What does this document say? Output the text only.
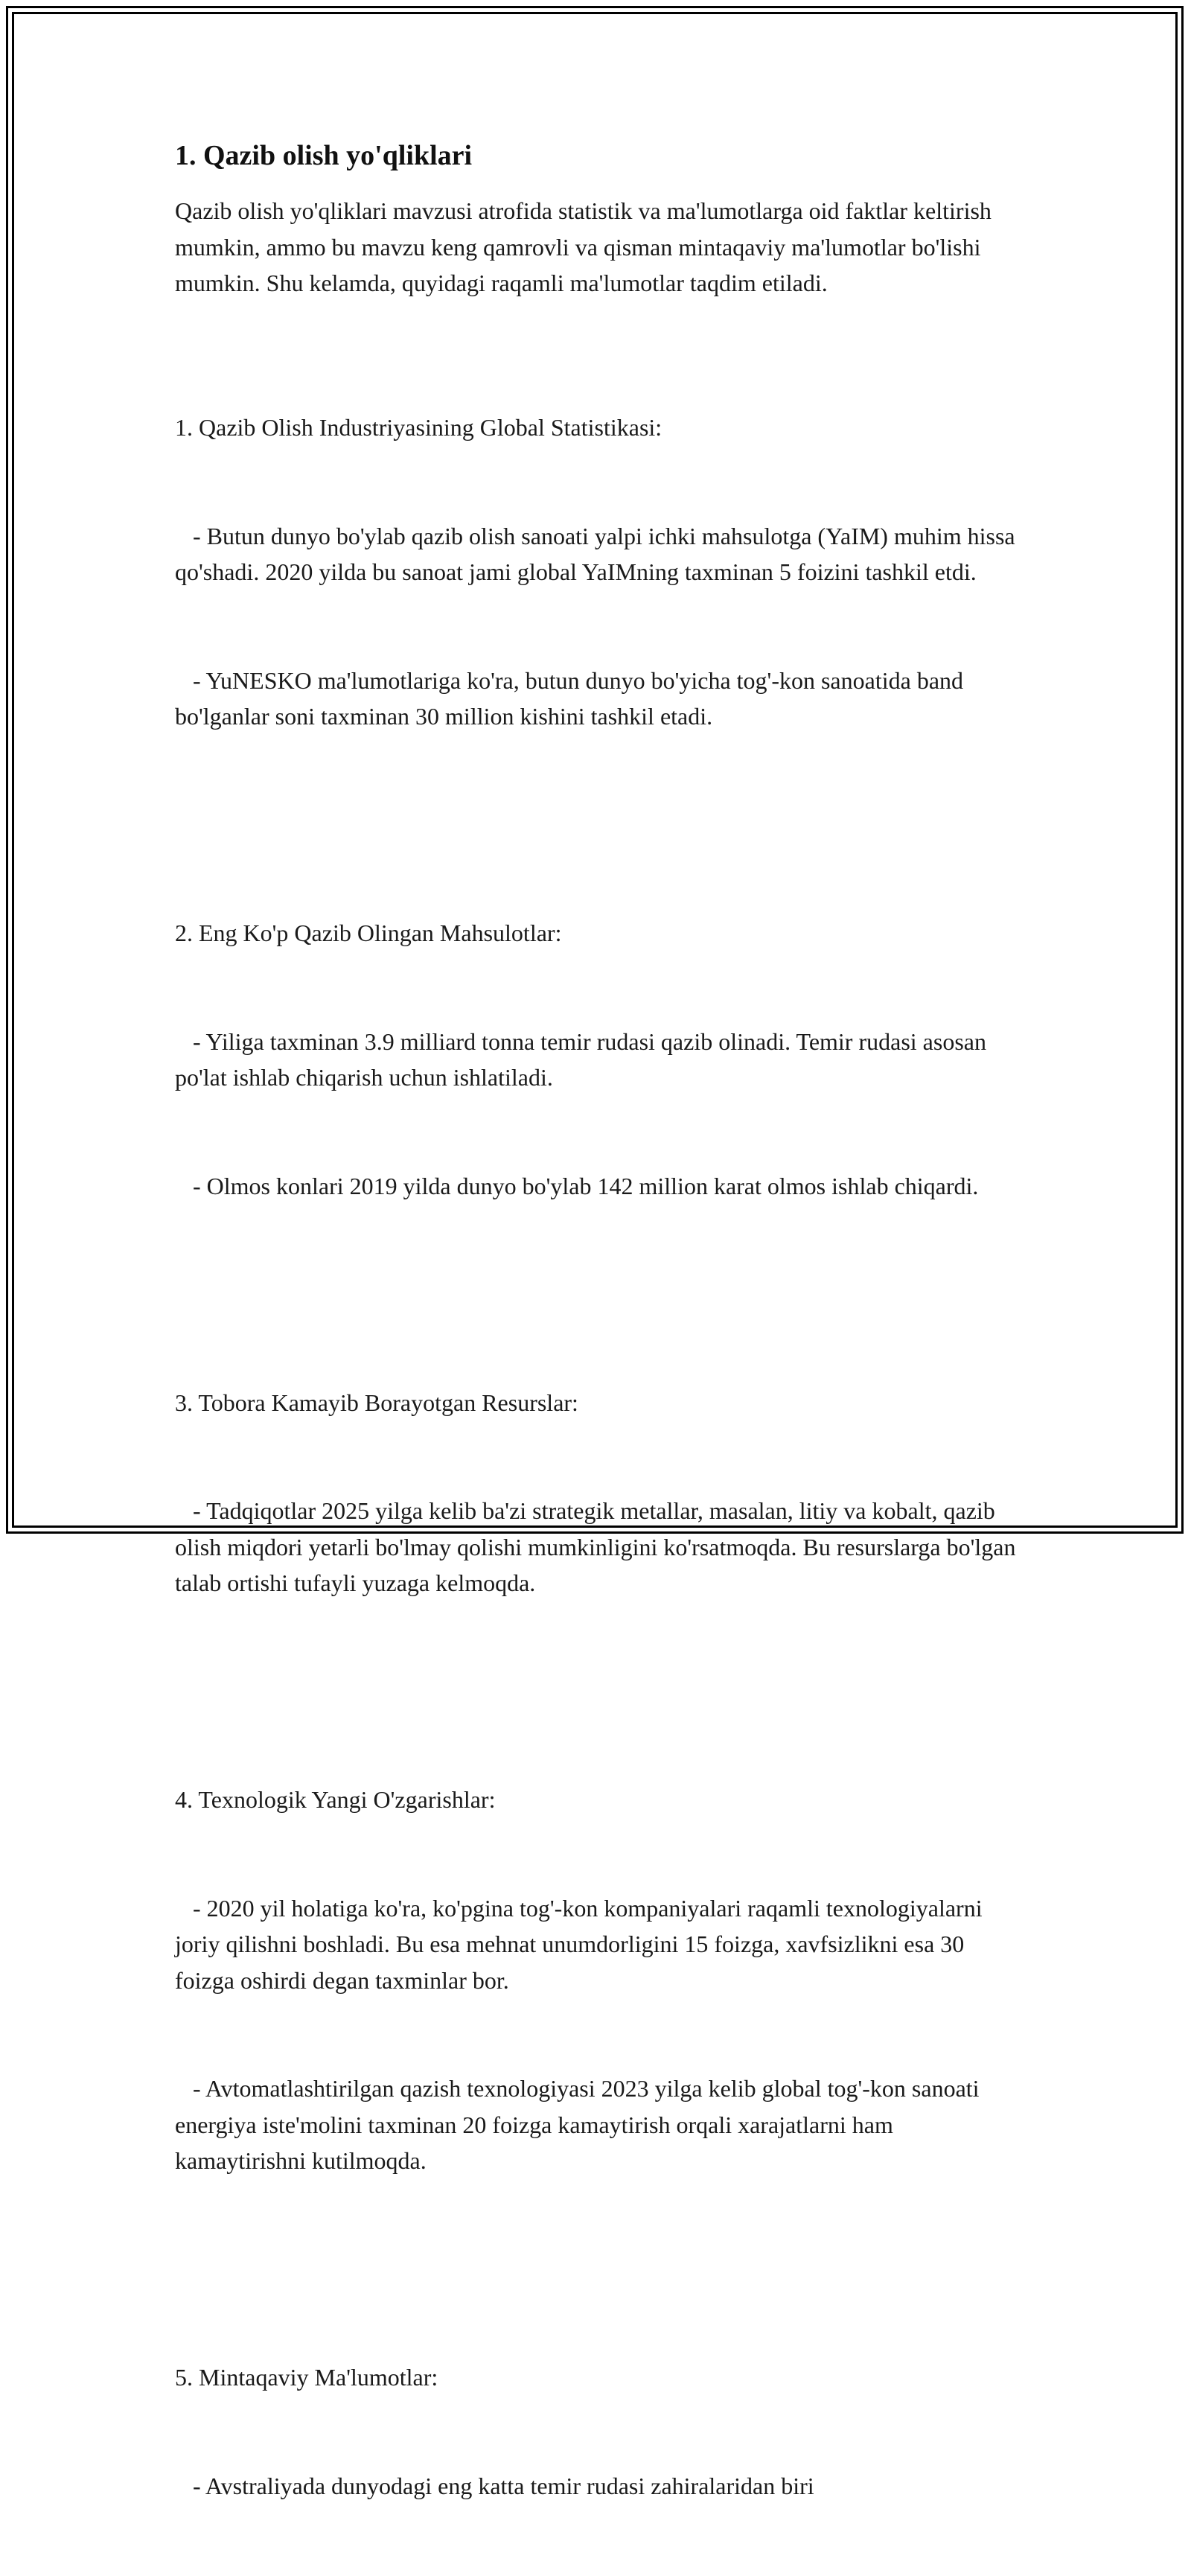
1. Qazib olish yo'qliklari

Qazib olish yo'qliklari mavzusi atrofida statistik va ma'lumotlarga oid faktlar keltirish mumkin, ammo bu mavzu keng qamrovli va qisman mintaqaviy ma'lumotlar bo'lishi mumkin. Shu kelamda, quyidagi raqamli ma'lumotlar taqdim etiladi.

1. Qazib Olish Industriyasining Global Statistikasi:

- Butun dunyo bo'ylab qazib olish sanoati yalpi ichki mahsulotga (YaIM) muhim hissa qo'shadi. 2020 yilda bu sanoat jami global YaIMning taxminan 5 foizini tashkil etdi.

- YuNESKO ma'lumotlariga ko'ra, butun dunyo bo'yicha tog'-kon sanoatida band bo'lganlar soni taxminan 30 million kishini tashkil etadi.

2. Eng Ko'p Qazib Olingan Mahsulotlar:

- Yiliga taxminan 3.9 milliard tonna temir rudasi qazib olinadi. Temir rudasi asosan po'lat ishlab chiqarish uchun ishlatiladi.

- Olmos konlari 2019 yilda dunyo bo'ylab 142 million karat olmos ishlab chiqardi.

3. Tobora Kamayib Borayotgan Resurslar:

- Tadqiqotlar 2025 yilga kelib ba'zi strategik metallar, masalan, litiy va kobalt, qazib olish miqdori yetarli bo'lmay qolishi mumkinligini ko'rsatmoqda. Bu resurslarga bo'lgan talab ortishi tufayli yuzaga kelmoqda.

4. Texnologik Yangi O'zgarishlar:

- 2020 yil holatiga ko'ra, ko'pgina tog'-kon kompaniyalari raqamli texnologiyalarni joriy qilishni boshladi. Bu esa mehnat unumdorligini 15 foizga, xavfsizlikni esa 30 foizga oshirdi degan taxminlar bor.

- Avtomatlashtirilgan qazish texnologiyasi 2023 yilga kelib global tog'-kon sanoati energiya iste'molini taxminan 20 foizga kamaytirish orqali xarajatlarni ham kamaytirishni kutilmoqda.

5. Mintaqaviy Ma'lumotlar:

- Avstraliyada dunyodagi eng katta temir rudasi zahiralaridan biri
